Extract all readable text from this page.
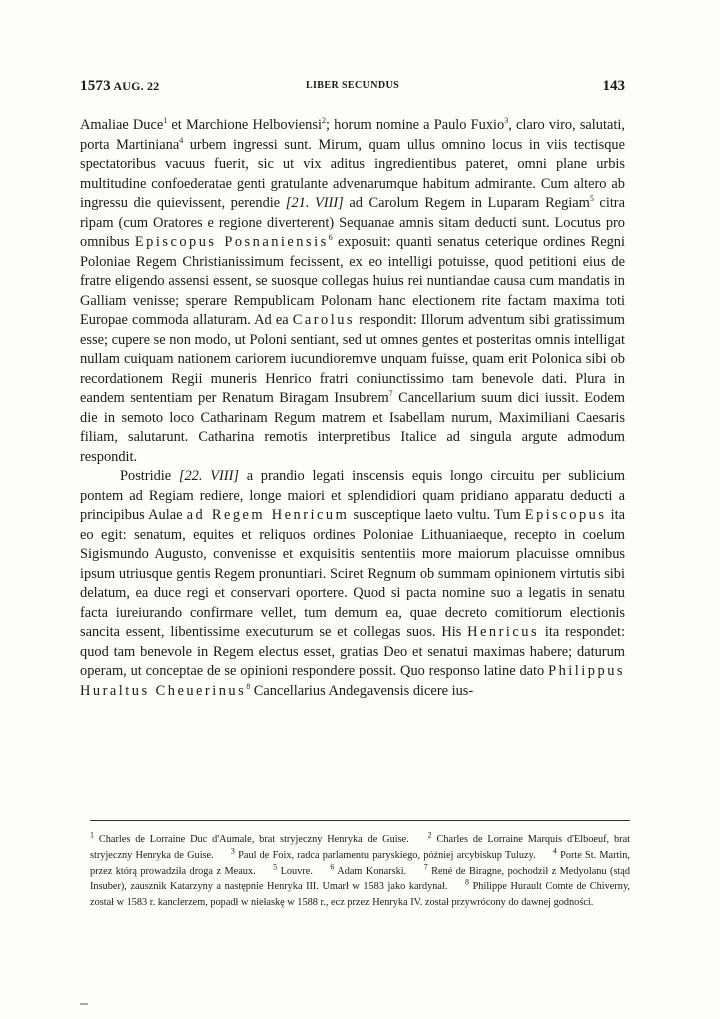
1573 AUG. 22	LIBER SECUNDUS	143

Amaliae Duce$^1$ et Marchione Helboviensi$^2$; horum nomine a Paulo Fuxio$^3$, claro viro, salutati, porta Martiniana$^4$ urbem ingressi sunt. Mirum, quam ullus omnino locus in viis tectisque spectatoribus vacuus fuerit, sic ut vix aditus ingredientibus pateret, omni plane urbis multitudine confoederatae genti gratulante advenarumque habitum admirante. Cum altero ab ingressu die quievissent, perendie [21. VIII] ad Carolum Regem in Luparam Regiam$^5$ citra ripam (cum Oratores e regione diverterent) Sequanae amnis sitam deducti sunt. Locutus pro omnibus Episcopus Posnaniensis$^6$ exposuit: quanti senatus ceterique ordines Regni Poloniae Regem Christianissimum fecissent, ex eo intelligi potuisse, quod petitioni eius de fratre eligendo assensi essent, se suosque collegas huius rei nuntiandae causa cum mandatis in Galliam venisse; sperare Rempublicam Polonam hanc electionem rite factam maxima toti Europae commoda allaturam. Ad ea Carolus respondit: Illorum adventum sibi gratissimum esse; cupere se non modo, ut Poloni sentiant, sed ut omnes gentes et posteritas omnis intelligat nullam cuiquam nationem cariorem iucundioremve unquam fuisse, quam erit Polonica sibi ob recordationem Regii muneris Henrico fratri coniunctissimo tam benevole dati. Plura in eandem sententiam per Renatum Biragam Insubrem$^7$ Cancellarium suum dici iussit. Eodem die in semoto loco Catharinam Regum matrem et Isabellam nurum, Maximiliani Caesaris filiam, salutarunt. Catharina remotis interpretibus Italice ad singula argute admodum respondit.

Postridie [22. VIII] a prandio legati inscensis equis longo circuitu per sublicium pontem ad Regiam rediere, longe maiori et splendidiori quam pridiano apparatu deducti a principibus Aulae ad Regem Henricum susceptique laeto vultu. Tum Episcopus ita eo egit: senatum, equites et reliquos ordines Poloniae Lithuaniaeque, recepto in coelum Sigismundo Augusto, convenisse et exquisitis sententiis more maiorum placuisse omnibus ipsum utriusque gentis Regem pronuntiari. Sciret Regnum ob summam opinionem virtutis sibi delatum, ea duce regi et conservari oportere. Quod si pacta nomine suo a legatis in senatu facta iureiurando confirmare vellet, tum demum ea, quae decreto comitiorum electionis sancita essent, libentissime executurum se et collegas suos. His Henricus ita respondet: quod tam benevole in Regem electus esset, gratias Deo et senatui maximas habere; daturum operam, ut conceptae de se opinioni respondere possit. Quo responso latine dato Philippus Huraltus Cheuerinus$^8$ Cancellarius Andegavensis dicere ius-

$^1$ Charles de Lorraine Duc d'Aumale, brat stryjeczny Henryka de Guise. $^2$ Charles de Lorraine Marquis d'Elboeuf, brat stryjeczny Henryka de Guise. $^3$ Paul de Foix, radca parlamentu paryskiego, później arcybiskup Tuluzy. $^4$ Porte St. Martin, przez którą prowadziła droga z Meaux. $^5$ Louvre. $^6$ Adam Konarski. $^7$ René de Biragne, pochodził z Medyolanu (stąd Insuber), zausznik Katarzyny a następnie Henryka III. Umarł w 1583 jako kardynał. $^8$ Philippe Hurault Comte de Chiverny, został w 1583 r. kanclerzem, popadł w niełaskę w 1588 r., ecz przez Henryka IV. został przywrócony do dawnej godności.
